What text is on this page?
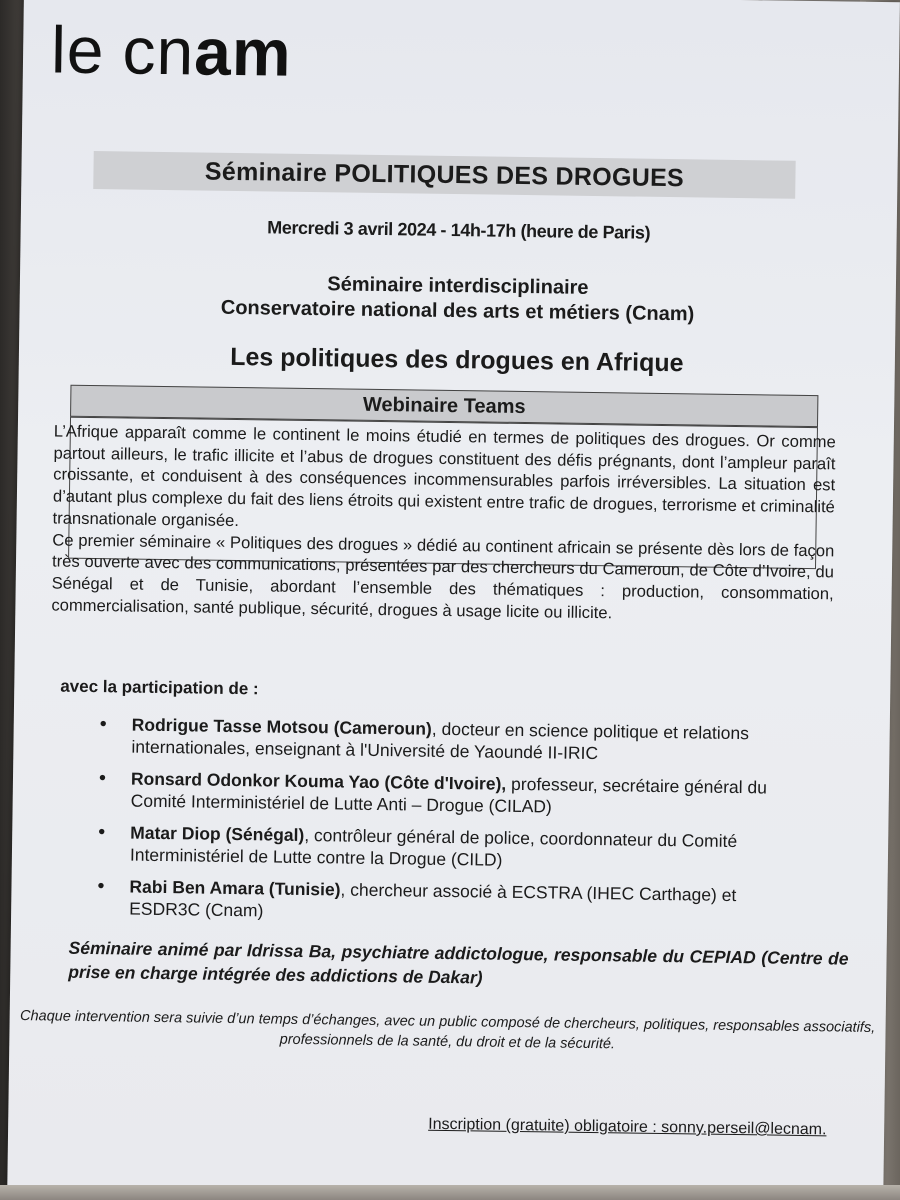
le cnam
Séminaire POLITIQUES DES DROGUES
Mercredi 3 avril 2024 - 14h-17h (heure de Paris)
Séminaire interdisciplinaire
Conservatoire national des arts et métiers (Cnam)
Les politiques des drogues en Afrique
Webinaire Teams

L’Afrique apparaît comme le continent le moins étudié en termes de politiques des drogues. Or comme partout ailleurs, le trafic illicite et l’abus de drogues constituent des défis prégnants, dont l’ampleur paraît croissante, et conduisent à des conséquences incommensurables parfois irréversibles. La situation est d’autant plus complexe du fait des liens étroits qui existent entre trafic de drogues, terrorisme et criminalité transnationale organisée.

Ce premier séminaire « Politiques des drogues » dédié au continent africain se présente dès lors de façon très ouverte avec des communications, présentées par des chercheurs du Cameroun, de Côte d’Ivoire, du Sénégal et de Tunisie, abordant l’ensemble des thématiques : production, consommation, commercialisation, santé publique, sécurité, drogues à usage licite ou illicite.

avec la participation de :
• Rodrigue Tasse Motsou (Cameroun), docteur en science politique et relations internationales, enseignant à l'Université de Yaoundé II-IRIC
• Ronsard Odonkor Kouma Yao (Côte d'Ivoire), professeur, secrétaire général du Comité Interministériel de Lutte Anti – Drogue (CILAD)
• Matar Diop (Sénégal), contrôleur général de police, coordonnateur du Comité Interministériel de Lutte contre la Drogue (CILD)
• Rabi Ben Amara (Tunisie), chercheur associé à ECSTRA (IHEC Carthage) et ESDR3C (Cnam)
Séminaire animé par Idrissa Ba, psychiatre addictologue, responsable du CEPIAD (Centre de prise en charge intégrée des addictions de Dakar)
Chaque intervention sera suivie d’un temps d’échanges, avec un public composé de chercheurs, politiques, responsables associatifs, professionnels de la santé, du droit et de la sécurité.
Inscription (gratuite) obligatoire : sonny.perseil@lecnam.
